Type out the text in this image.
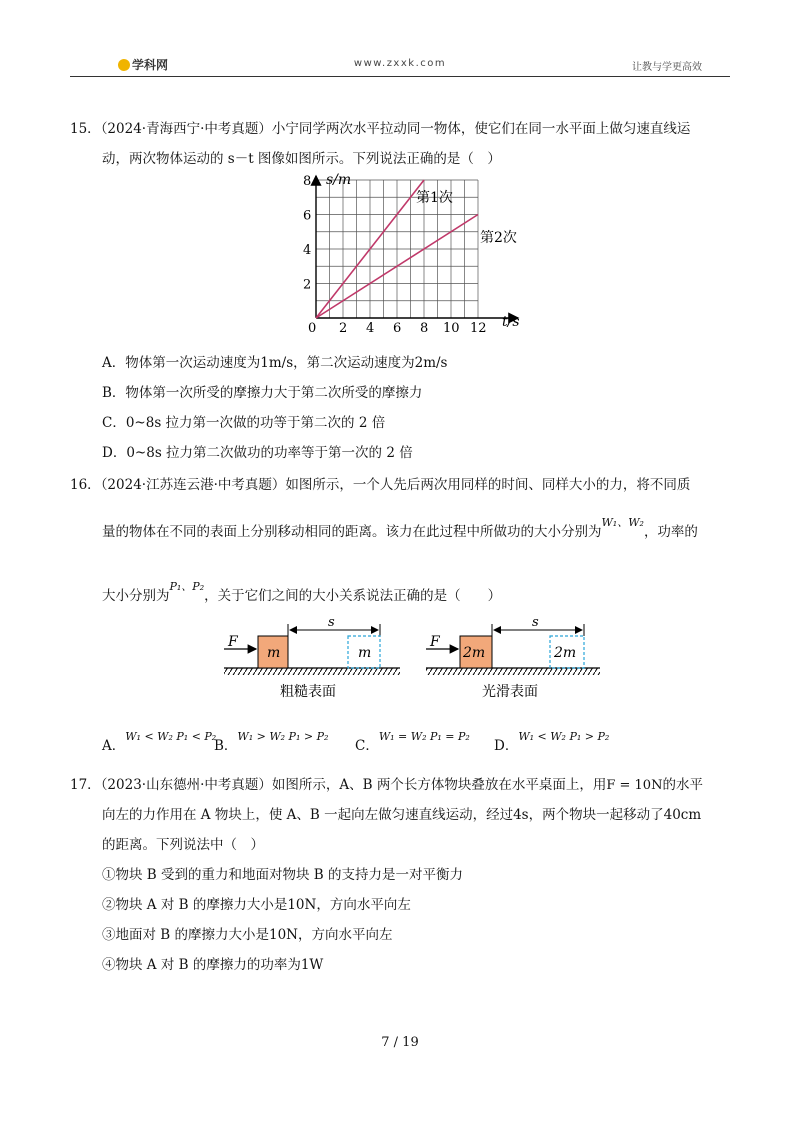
学科网	www.zxxk.com	让教与学更高效
15．（2024·青海西宁·中考真题）小宁同学两次水平拉动同一物体，使它们在同一水平面上做匀速直线运
动，两次物体运动的 s－t 图像如图所示。下列说法正确的是（　）
0 2 4 6 8 10 12
2
4
6
8 s/m
t/s
第1次
第2次
A．物体第一次运动速度为1m/s，第二次运动速度为2m/s
B．物体第一次所受的摩擦力大于第二次所受的摩擦力
C．0~8s 拉力第一次做的功等于第二次的 2 倍
D．0~8s 拉力第二次做功的功率等于第一次的 2 倍
16．（2024·江苏连云港·中考真题）如图所示，一个人先后两次用同样的时间、同样大小的力，将不同质
量的物体在不同的表面上分别移动相同的距离。该力在此过程中所做功的大小分别为$^{W_1、W_2}$，功率的
大小分别为$^{P_1、P_2}$，关于它们之间的大小关系说法正确的是（　　）
F
m
s
m
F
2m
s
2m
粗糙表面	光滑表面
A．$^{W_1 < W_2 P_1 < P_2}$
B．$^{W_1 > W_2 P_1 > P_2}$
C．$^{W_1 = W_2 P_1 = P_2}$
D．$^{W_1 < W_2 P_1 > P_2}$
17．（2023·山东德州·中考真题）如图所示，A、B 两个长方体物块叠放在水平桌面上，用F = 10N的水平
向左的力作用在 A 物块上，使 A、B 一起向左做匀速直线运动，经过4s，两个物块一起移动了40cm
的距离。下列说法中（　）
①物块 B 受到的重力和地面对物块 B 的支持力是一对平衡力
②物块 A 对 B 的摩擦力大小是10N，方向水平向左
③地面对 B 的摩擦力大小是10N，方向水平向左
④物块 A 对 B 的摩擦力的功率为1W
7 / 19
